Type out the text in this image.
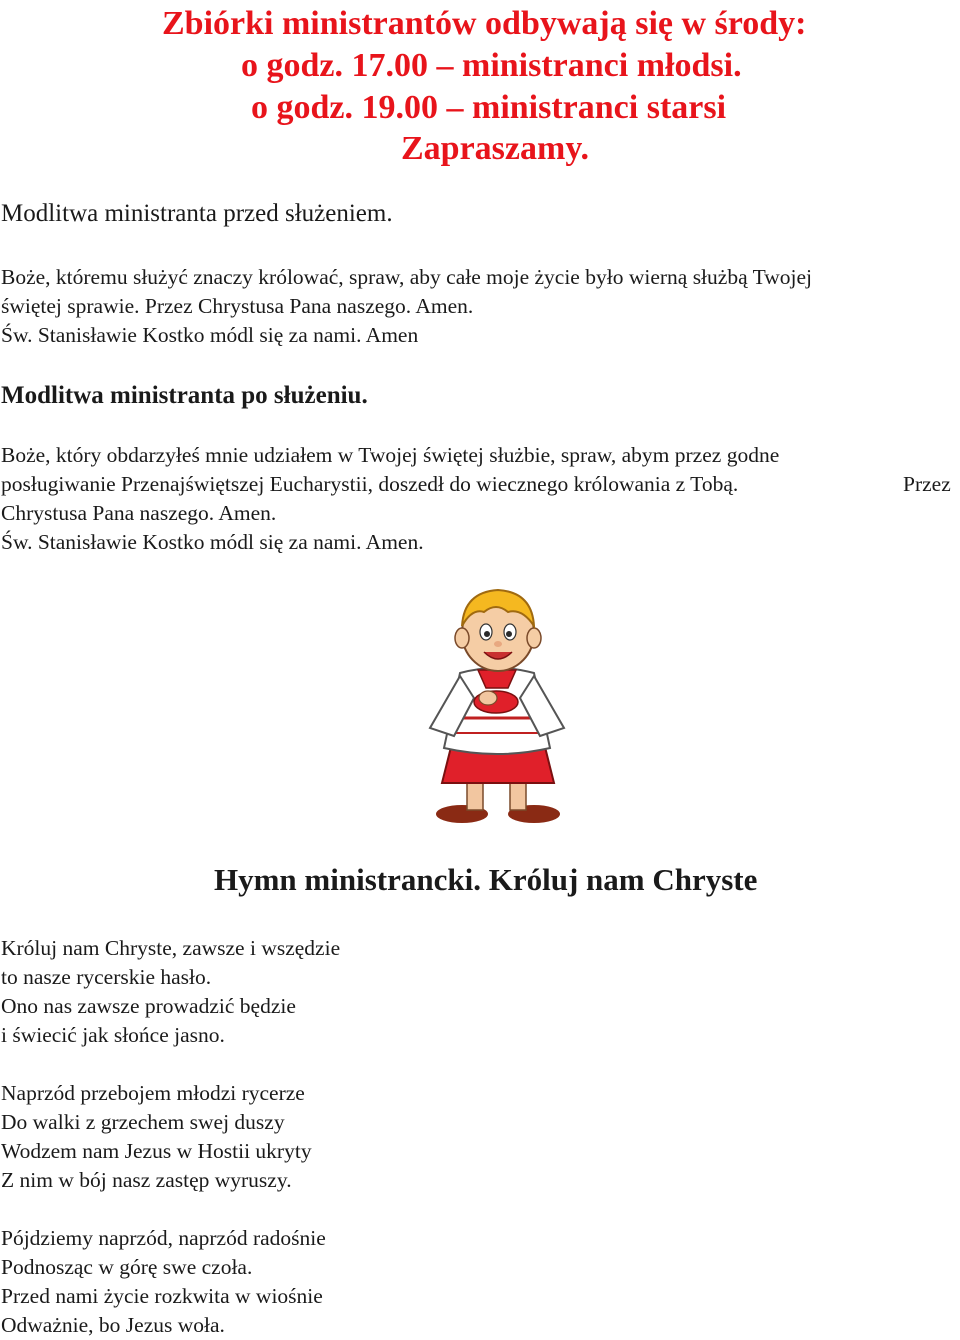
Zbiórki ministrantów odbywają się w środy:
o godz. 17.00 – ministranci młodsi.
o godz. 19.00 – ministranci starsi
Zapraszamy.
Modlitwa ministranta przed służeniem.
Boże, któremu służyć znaczy królować, spraw, aby całe moje życie było wierną służbą Twojej
świętej sprawie. Przez Chrystusa Pana naszego. Amen.
Św. Stanisławie Kostko módl się za nami. Amen
Modlitwa ministranta po służeniu.
Boże, który obdarzyłeś mnie udziałem w Twojej świętej służbie, spraw, abym przez godne
posługiwanie Przenajświętszej Eucharystii, doszedł do wiecznego królowania z Tobą.	Przez
Chrystusa Pana naszego. Amen.
Św. Stanisławie Kostko módl się za nami. Amen.
Hymn ministrancki. Króluj nam Chryste
Króluj nam Chryste, zawsze i wszędzie
to nasze rycerskie hasło.
Ono nas zawsze prowadzić będzie
i świecić jak słońce jasno.
Naprzód przebojem młodzi rycerze
Do walki z grzechem swej duszy
Wodzem nam Jezus w Hostii ukryty
Z nim w bój nasz zastęp wyruszy.
Pójdziemy naprzód, naprzód radośnie
Podnosząc w górę swe czoła.
Przed nami życie rozkwita w wiośnie
Odważnie, bo Jezus woła.
